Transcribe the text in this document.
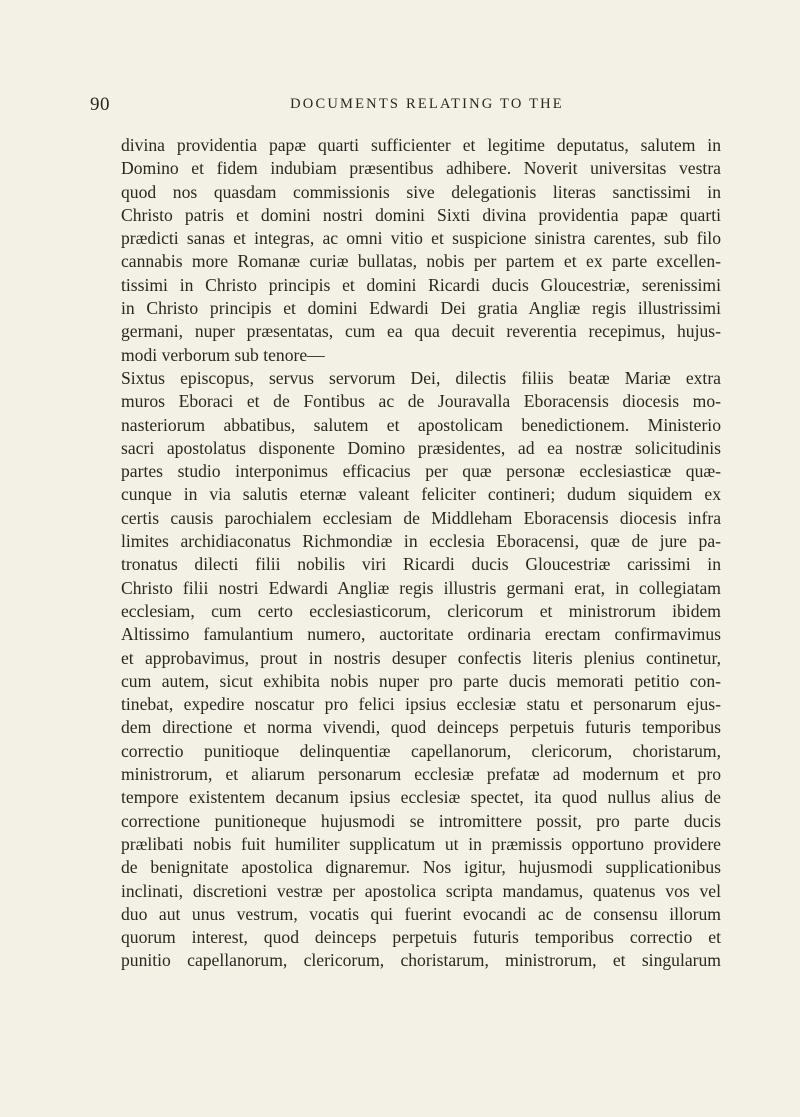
90	DOCUMENTS RELATING TO THE
divina providentia papæ quarti sufficienter et legitime deputatus, salutem in
Domino et fidem indubiam præsentibus adhibere. Noverit universitas vestra
quod nos quasdam commissionis sive delegationis literas sanctissimi in
Christo patris et domini nostri domini Sixti divina providentia papæ quarti
prædicti sanas et integras, ac omni vitio et suspicione sinistra carentes, sub filo
cannabis more Romanæ curiæ bullatas, nobis per partem et ex parte excellen-
tissimi in Christo principis et domini Ricardi ducis Gloucestriæ, serenissimi
in Christo principis et domini Edwardi Dei gratia Angliæ regis illustrissimi
germani, nuper præsentatas, cum ea qua decuit reverentia recepimus, hujus-
modi verborum sub tenore—
Sixtus episcopus, servus servorum Dei, dilectis filiis beatæ Mariæ extra
muros Eboraci et de Fontibus ac de Jouravalla Eboracensis diocesis mo-
nasteriorum abbatibus, salutem et apostolicam benedictionem. Ministerio
sacri apostolatus disponente Domino præsidentes, ad ea nostræ solicitudinis
partes studio interponimus efficacius per quæ personæ ecclesiasticæ quæ-
cunque in via salutis eternæ valeant feliciter contineri; dudum siquidem ex
certis causis parochialem ecclesiam de Middleham Eboracensis diocesis infra
limites archidiaconatus Richmondiæ in ecclesia Eboracensi, quæ de jure pa-
tronatus dilecti filii nobilis viri Ricardi ducis Gloucestriæ carissimi in
Christo filii nostri Edwardi Angliæ regis illustris germani erat, in collegiatam
ecclesiam, cum certo ecclesiasticorum, clericorum et ministrorum ibidem
Altissimo famulantium numero, auctoritate ordinaria erectam confirmavimus
et approbavimus, prout in nostris desuper confectis literis plenius continetur,
cum autem, sicut exhibita nobis nuper pro parte ducis memorati petitio con-
tinebat, expedire noscatur pro felici ipsius ecclesiæ statu et personarum ejus-
dem directione et norma vivendi, quod deinceps perpetuis futuris temporibus
correctio punitioque delinquentiæ capellanorum, clericorum, choristarum,
ministrorum, et aliarum personarum ecclesiæ prefatæ ad modernum et pro
tempore existentem decanum ipsius ecclesiæ spectet, ita quod nullus alius de
correctione punitioneque hujusmodi se intromittere possit, pro parte ducis
prælibati nobis fuit humiliter supplicatum ut in præmissis opportuno providere
de benignitate apostolica dignaremur. Nos igitur, hujusmodi supplicationibus
inclinati, discretioni vestræ per apostolica scripta mandamus, quatenus vos vel
duo aut unus vestrum, vocatis qui fuerint evocandi ac de consensu illorum
quorum interest, quod deinceps perpetuis futuris temporibus correctio et
punitio capellanorum, clericorum, choristarum, ministrorum, et singularum
